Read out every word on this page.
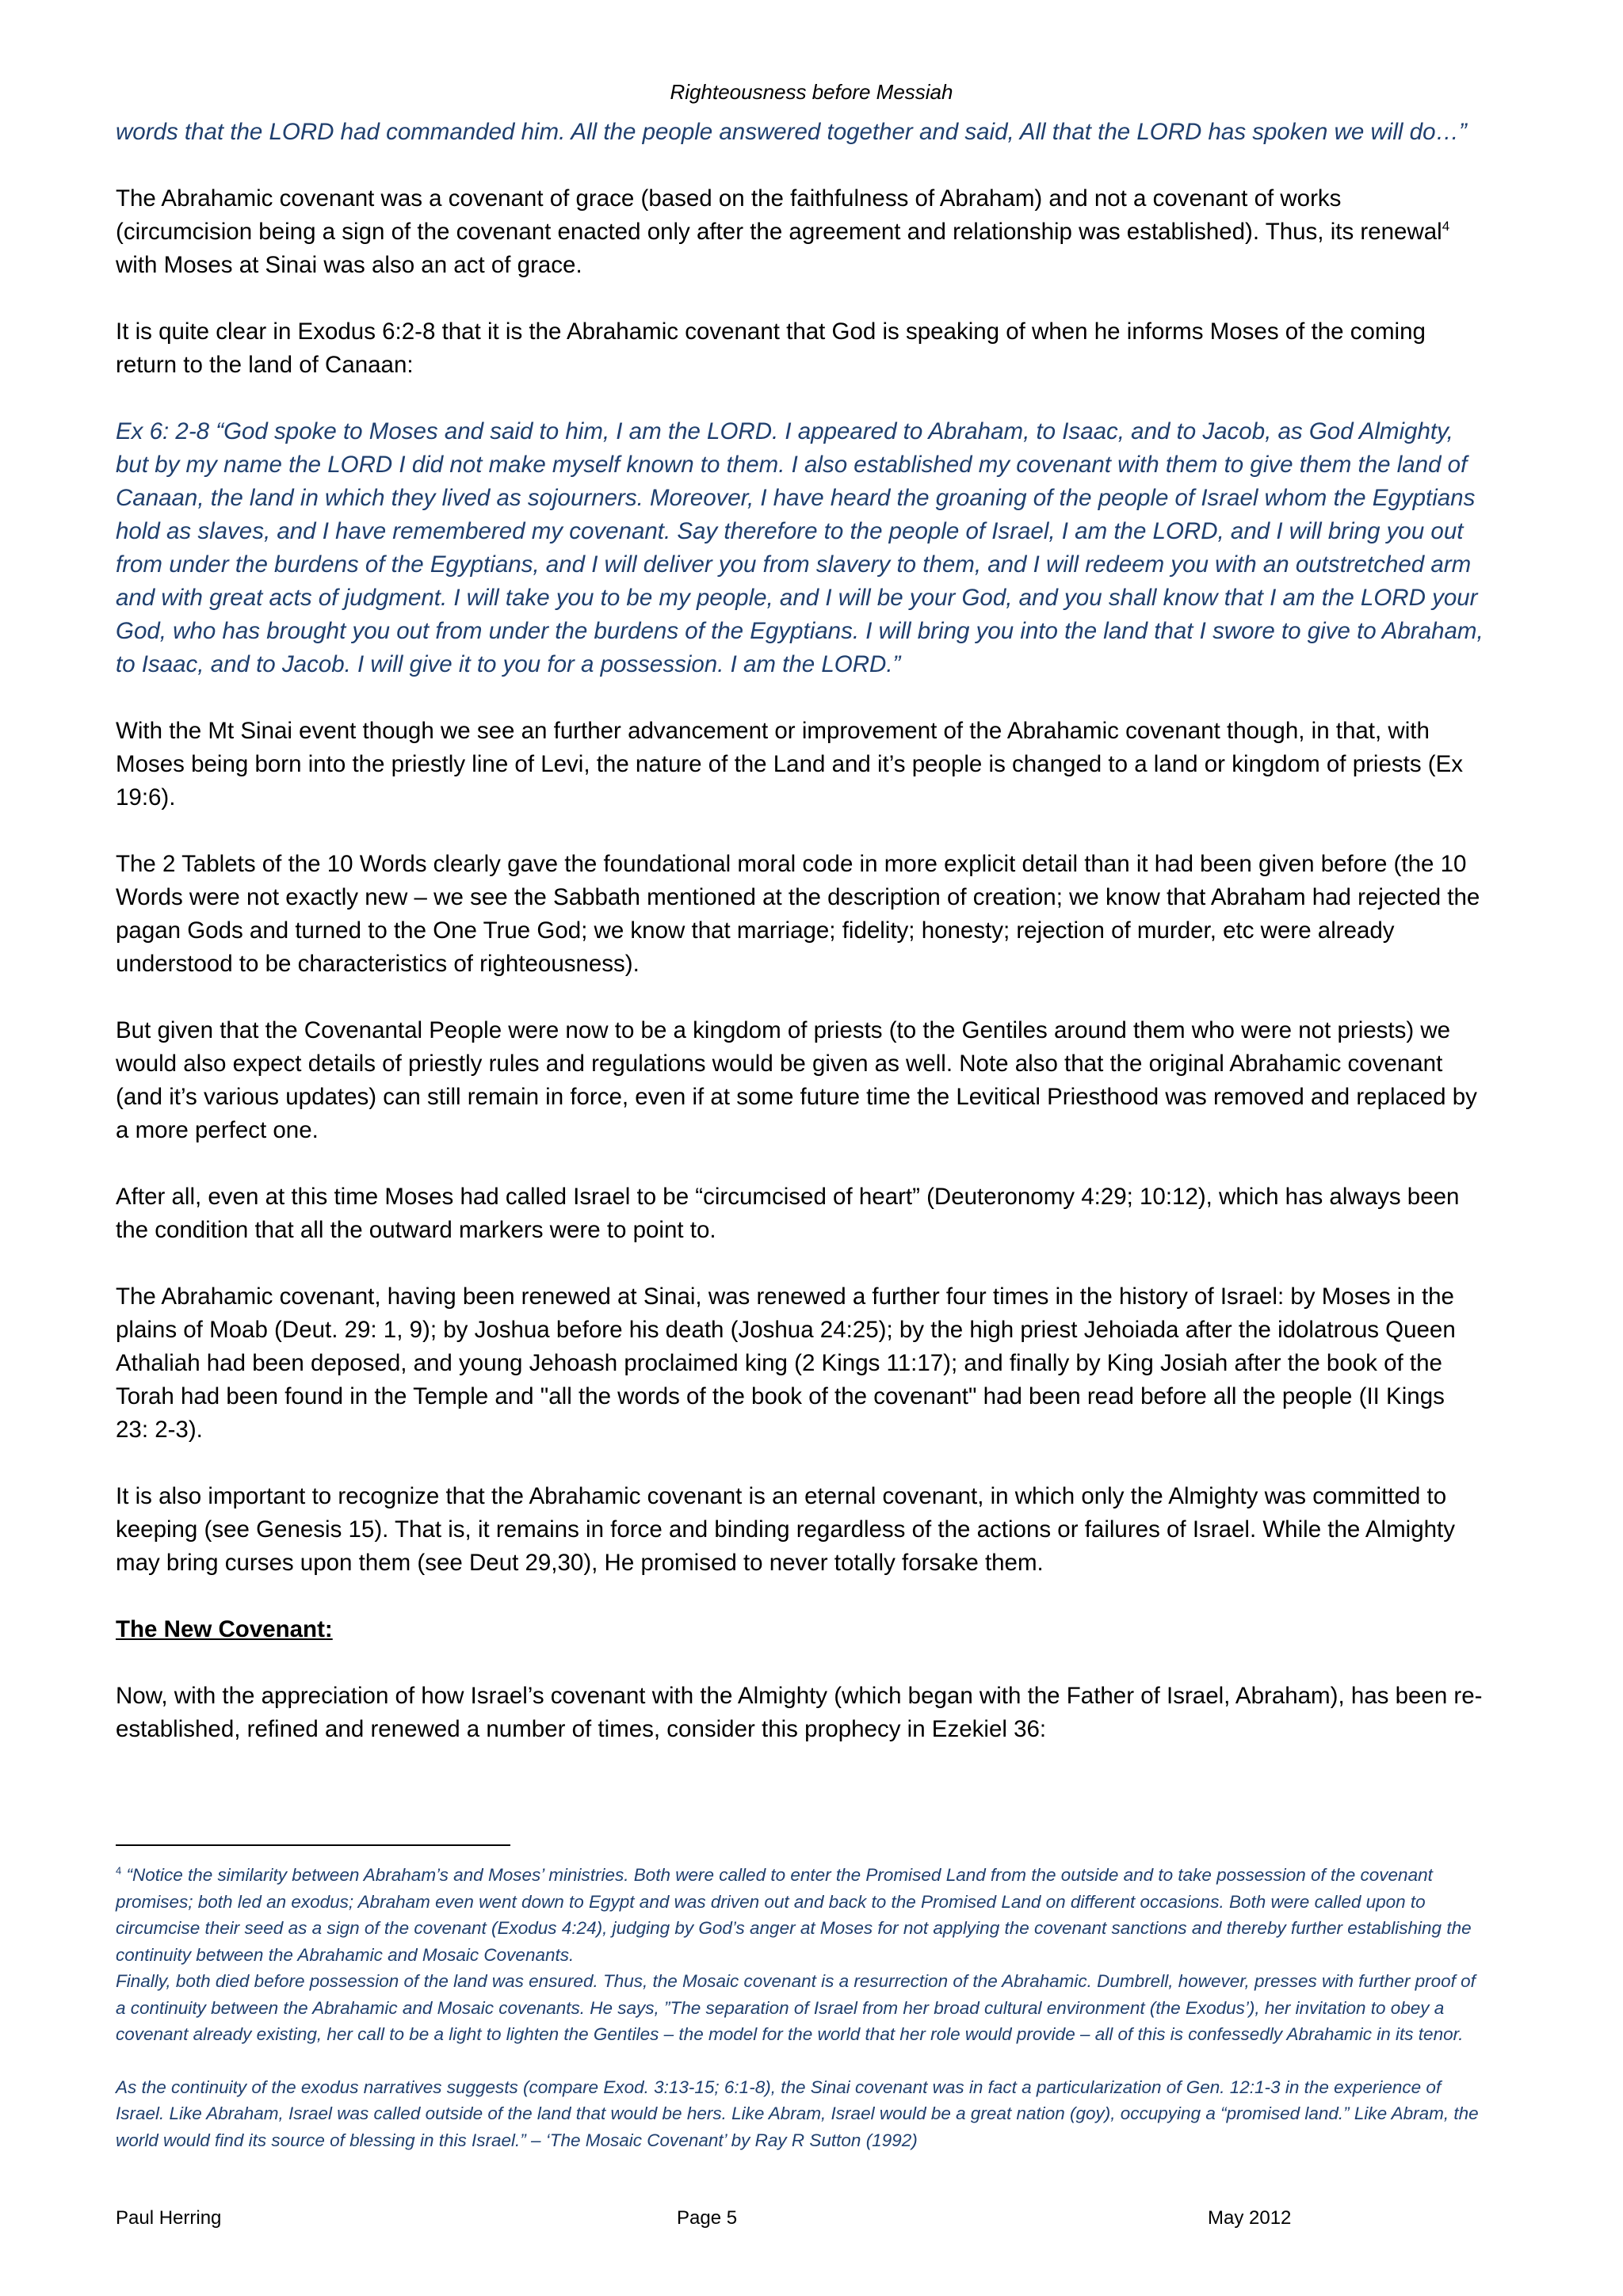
Righteousness before Messiah

words that the LORD had commanded him. All the people answered together and said, All that the LORD has spoken we will do…”

The Abrahamic covenant was a covenant of grace (based on the faithfulness of Abraham) and not a covenant of works (circumcision being a sign of the covenant enacted only after the agreement and relationship was established). Thus, its renewal$^4$ with Moses at Sinai was also an act of grace.

It is quite clear in Exodus 6:2-8 that it is the Abrahamic covenant that God is speaking of when he informs Moses of the coming return to the land of Canaan:

Ex 6: 2-8 “God spoke to Moses and said to him, I am the LORD. I appeared to Abraham, to Isaac, and to Jacob, as God Almighty, but by my name the LORD I did not make myself known to them. I also established my covenant with them to give them the land of Canaan, the land in which they lived as sojourners. Moreover, I have heard the groaning of the people of Israel whom the Egyptians hold as slaves, and I have remembered my covenant. Say therefore to the people of Israel, I am the LORD, and I will bring you out from under the burdens of the Egyptians, and I will deliver you from slavery to them, and I will redeem you with an outstretched arm and with great acts of judgment. I will take you to be my people, and I will be your God, and you shall know that I am the LORD your God, who has brought you out from under the burdens of the Egyptians. I will bring you into the land that I swore to give to Abraham, to Isaac, and to Jacob. I will give it to you for a possession. I am the LORD.”

With the Mt Sinai event though we see an further advancement or improvement of the Abrahamic covenant though, in that, with Moses being born into the priestly line of Levi, the nature of the Land and it’s people is changed to a land or kingdom of priests (Ex 19:6).

The 2 Tablets of the 10 Words clearly gave the foundational moral code in more explicit detail than it had been given before (the 10 Words were not exactly new – we see the Sabbath mentioned at the description of creation; we know that Abraham had rejected the pagan Gods and turned to the One True God; we know that marriage; fidelity; honesty; rejection of murder, etc were already understood to be characteristics of righteousness).

But given that the Covenantal People were now to be a kingdom of priests (to the Gentiles around them who were not priests) we would also expect details of priestly rules and regulations would be given as well. Note also that the original Abrahamic covenant (and it’s various updates) can still remain in force, even if at some future time the Levitical Priesthood was removed and replaced by a more perfect one.

After all, even at this time Moses had called Israel to be “circumcised of heart” (Deuteronomy 4:29; 10:12), which has always been the condition that all the outward markers were to point to.

The Abrahamic covenant, having been renewed at Sinai, was renewed a further four times in the history of Israel: by Moses in the plains of Moab (Deut. 29: 1, 9); by Joshua before his death (Joshua 24:25); by the high priest Jehoiada after the idolatrous Queen Athaliah had been deposed, and young Jehoash proclaimed king (2 Kings 11:17); and finally by King Josiah after the book of the Torah had been found in the Temple and "all the words of the book of the covenant" had been read before all the people (II Kings 23: 2-3).

It is also important to recognize that the Abrahamic covenant is an eternal covenant, in which only the Almighty was committed to keeping (see Genesis 15). That is, it remains in force and binding regardless of the actions or failures of Israel. While the Almighty may bring curses upon them (see Deut 29,30), He promised to never totally forsake them.

The New Covenant:

Now, with the appreciation of how Israel’s covenant with the Almighty (which began with the Father of Israel, Abraham), has been re-established, refined and renewed a number of times, consider this prophecy in Ezekiel 36:

$^4$ “Notice the similarity between Abraham’s and Moses’ ministries. Both were called to enter the Promised Land from the outside and to take possession of the covenant promises; both led an exodus; Abraham even went down to Egypt and was driven out and back to the Promised Land on different occasions. Both were called upon to circumcise their seed as a sign of the covenant (Exodus 4:24), judging by God’s anger at Moses for not applying the covenant sanctions and thereby further establishing the continuity between the Abrahamic and Mosaic Covenants.

Finally, both died before possession of the land was ensured. Thus, the Mosaic covenant is a resurrection of the Abrahamic. Dumbrell, however, presses with further proof of a continuity between the Abrahamic and Mosaic covenants. He says, ”The separation of Israel from her broad cultural environment (the Exodus’), her invitation to obey a covenant already existing, her call to be a light to lighten the Gentiles – the model for the world that her role would provide – all of this is confessedly Abrahamic in its tenor.

As the continuity of the exodus narratives suggests (compare Exod. 3:13-15; 6:1-8), the Sinai covenant was in fact a particularization of Gen. 12:1-3 in the experience of Israel. Like Abraham, Israel was called outside of the land that would be hers. Like Abram, Israel would be a great nation (goy), occupying a “promised land.” Like Abram, the world would find its source of blessing in this Israel.” – ‘The Mosaic Covenant’ by Ray R Sutton (1992)

Paul Herring	Page 5	May 2012
